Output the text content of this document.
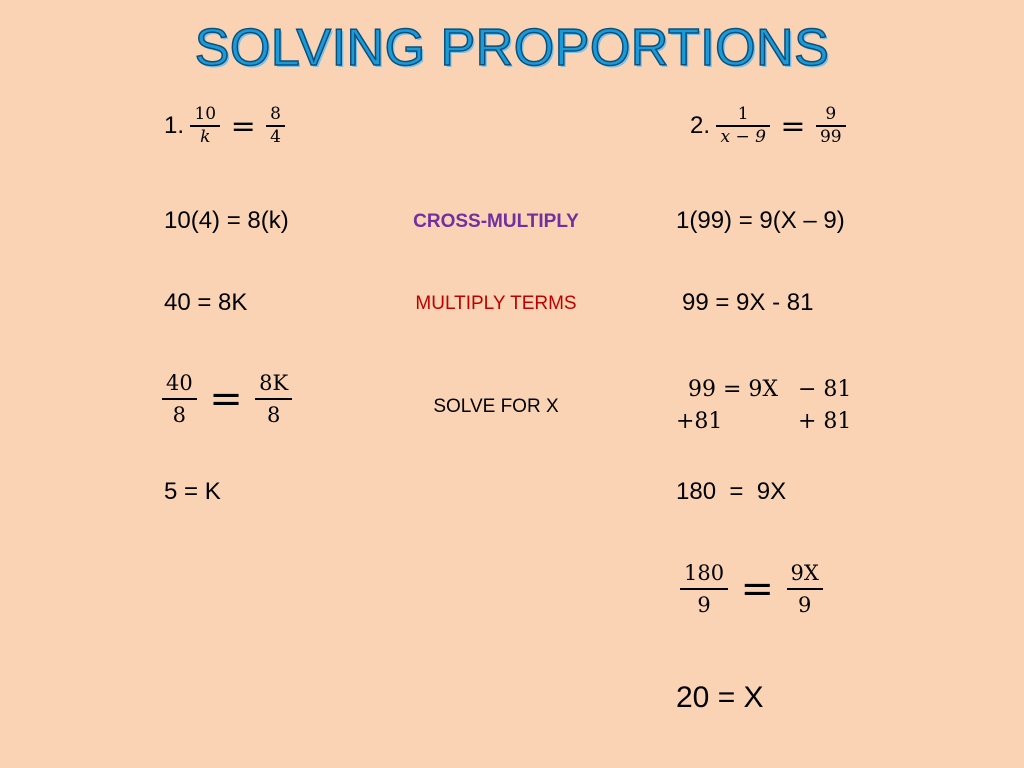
SOLVING PROPORTIONS
1. $\frac{10}{k} = \frac{8}{4}$
10(4) = 8(k)
40 = 8K
$\frac{40}{8} = \frac{8K}{8}$
5 = K
CROSS-MULTIPLY
MULTIPLY TERMS
SOLVE FOR X
2. $\frac{1}{x - 9} = \frac{9}{99}$
1(99) = 9(X – 9)
99 = 9X - 81
99 = 9X − 81
+81	+ 81
180  =  9X
$\frac{180}{9} = \frac{9X}{9}$
20 = X
